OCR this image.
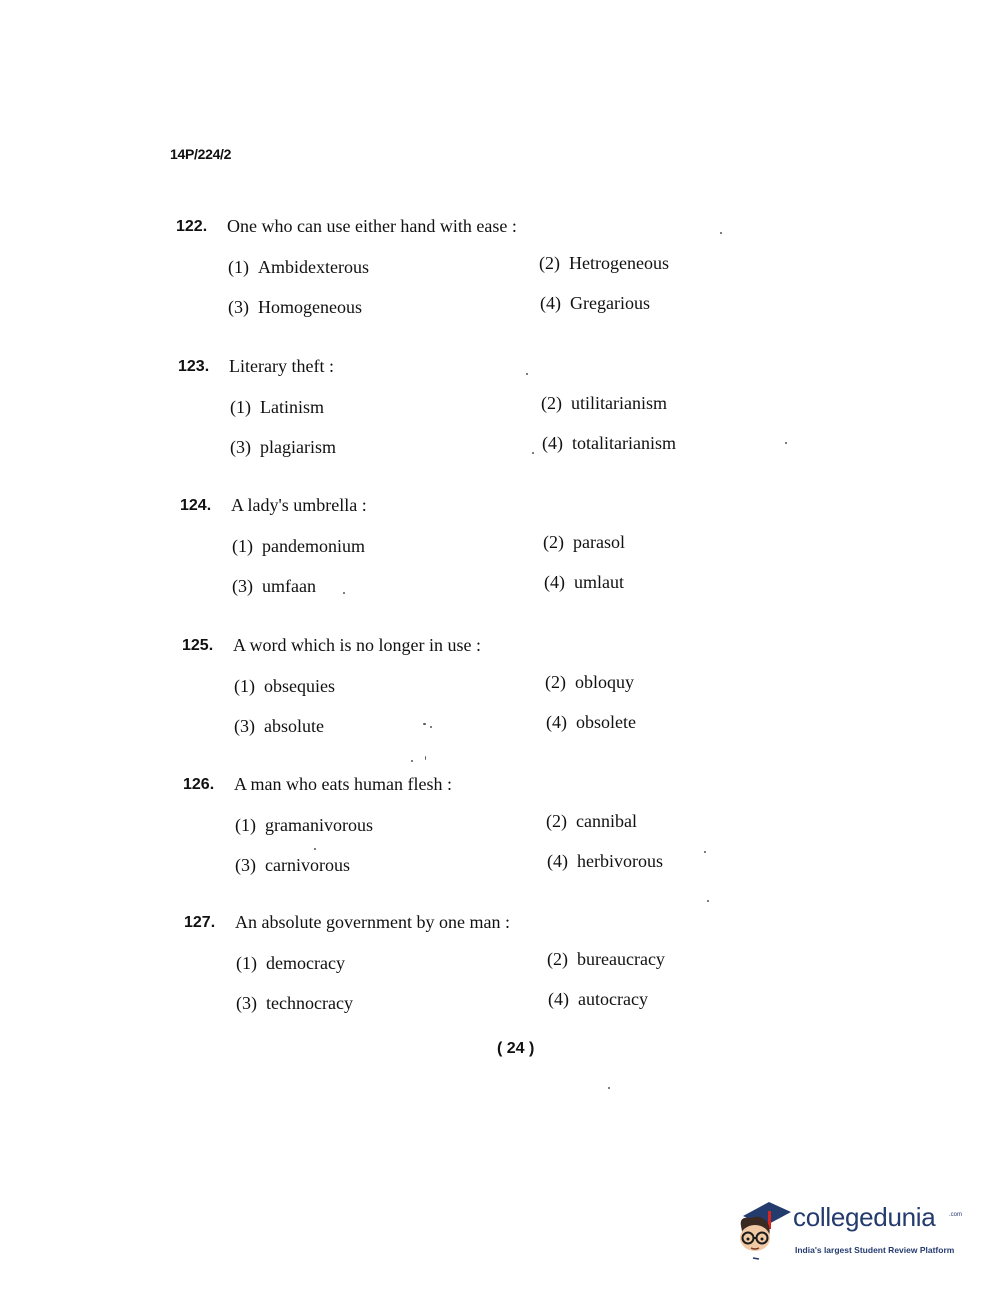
14P/224/2
122. One who can use either hand with ease :
(1) Ambidexterous	(2) Hetrogeneous
(3) Homogeneous	(4) Gregarious
123. Literary theft :
(1) Latinism	(2) utilitarianism
(3) plagiarism	(4) totalitarianism
124. A lady's umbrella :
(1) pandemonium	(2) parasol
(3) umfaan	(4) umlaut
125. A word which is no longer in use :
(1) obsequies	(2) obloquy
(3) absolute	(4) obsolete
126. A man who eats human flesh :
(1) gramanivorous	(2) cannibal
(3) carnivorous	(4) herbivorous
127. An absolute government by one man :
(1) democracy	(2) bureaucracy
(3) technocracy	(4) autocracy
( 24 )
collegedunia .com
India's largest Student Review Platform
